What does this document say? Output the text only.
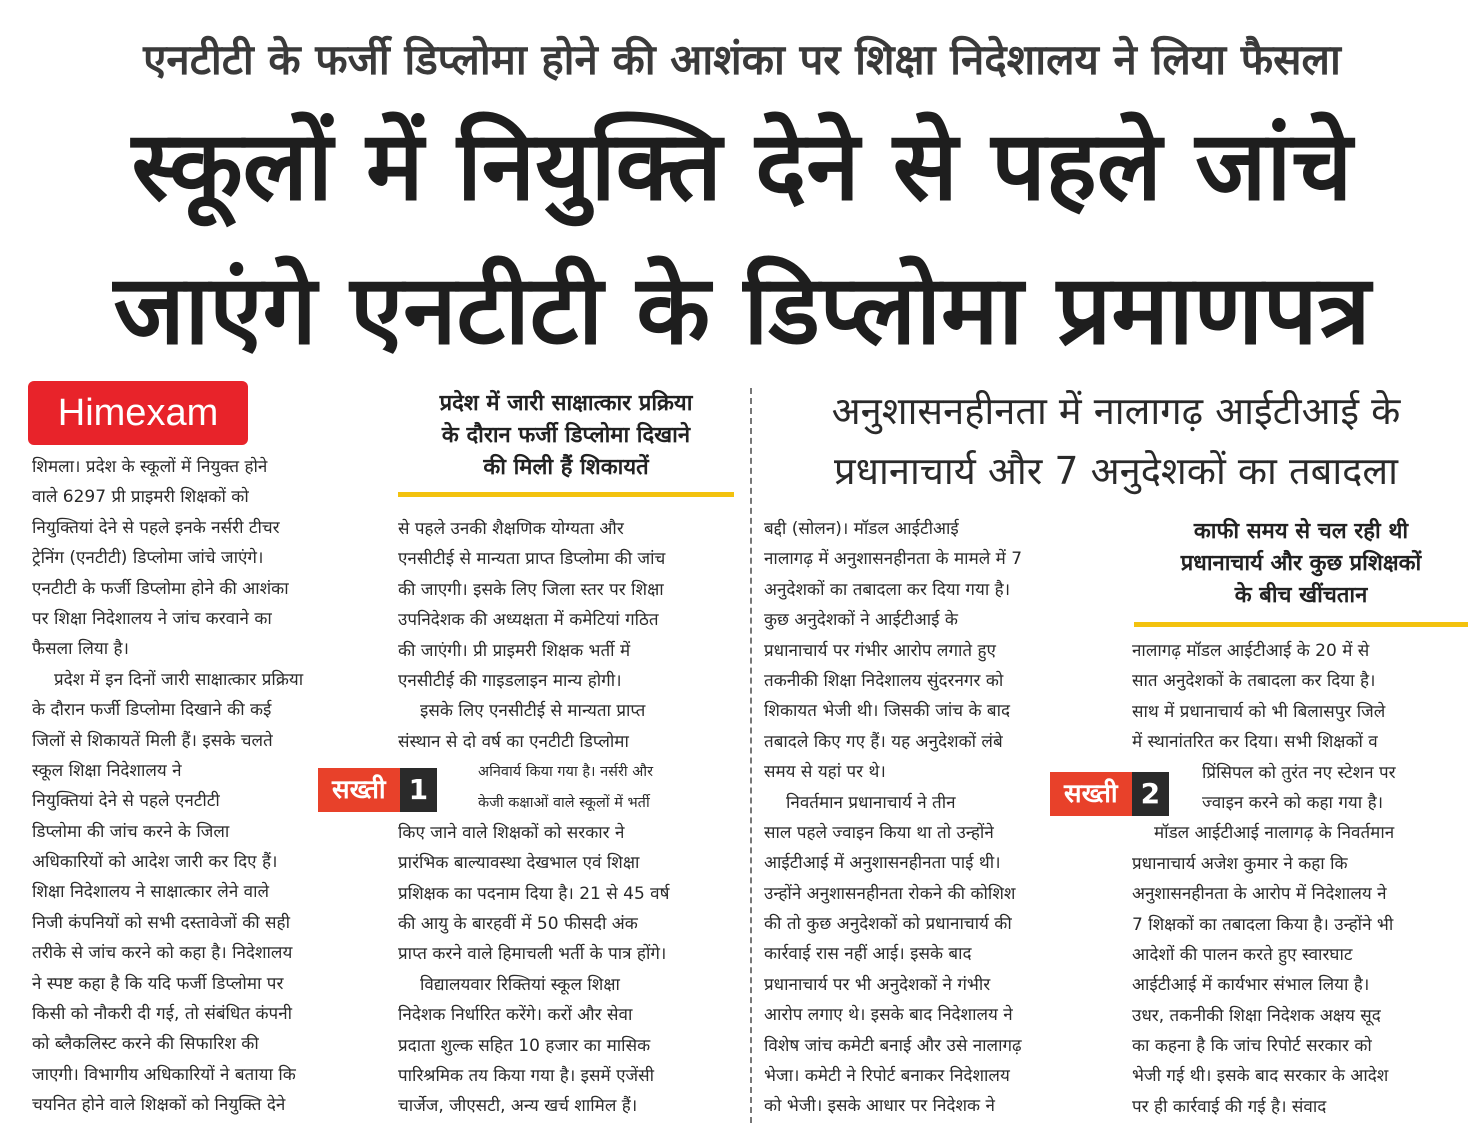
एनटीटी के फर्जी डिप्लोमा होने की आशंका पर शिक्षा निदेशालय ने लिया फैसला
स्कूलों में नियुक्ति देने से पहले जांचे
जाएंगे एनटीटी के डिप्लोमा प्रमाणपत्र
Himexam
शिमला। प्रदेश के स्कूलों में नियुक्त होने
वाले 6297 प्री प्राइमरी शिक्षकों को
नियुक्तियां देने से पहले इनके नर्सरी टीचर
ट्रेनिंग (एनटीटी) डिप्लोमा जांचे जाएंगे।
एनटीटी के फर्जी डिप्लोमा होने की आशंका
पर शिक्षा निदेशालय ने जांच करवाने का
फैसला लिया है।
प्रदेश में इन दिनों जारी साक्षात्कार प्रक्रिया
के दौरान फर्जी डिप्लोमा दिखाने की कई
जिलों से शिकायतें मिली हैं। इसके चलते
स्कूल शिक्षा निदेशालय ने
नियुक्तियां देने से पहले एनटीटी
डिप्लोमा की जांच करने के जिला
अधिकारियों को आदेश जारी कर दिए हैं।
शिक्षा निदेशालय ने साक्षात्कार लेने वाले
निजी कंपनियों को सभी दस्तावेजों की सही
तरीके से जांच करने को कहा है। निदेशालय
ने स्पष्ट कहा है कि यदि फर्जी डिप्लोमा पर
किसी को नौकरी दी गई, तो संबंधित कंपनी
को ब्लैकलिस्ट करने की सिफारिश की
जाएगी। विभागीय अधिकारियों ने बताया कि
चयनित होने वाले शिक्षकों को नियुक्ति देने
प्रदेश में जारी साक्षात्कार प्रक्रिया
के दौरान फर्जी डिप्लोमा दिखाने
की मिली हैं शिकायतें
से पहले उनकी शैक्षणिक योग्यता और
एनसीटीई से मान्यता प्राप्त डिप्लोमा की जांच
की जाएगी। इसके लिए जिला स्तर पर शिक्षा
उपनिदेशक की अध्यक्षता में कमेटियां गठित
की जाएंगी। प्री प्राइमरी शिक्षक भर्ती में
एनसीटीई की गाइडलाइन मान्य होगी।
इसके लिए एनसीटीई से मान्यता प्राप्त
संस्थान से दो वर्ष का एनटीटी डिप्लोमा
अनिवार्य किया गया है। नर्सरी और
केजी कक्षाओं वाले स्कूलों में भर्ती
किए जाने वाले शिक्षकों को सरकार ने
प्रारंभिक बाल्यावस्था देखभाल एवं शिक्षा
प्रशिक्षक का पदनाम दिया है। 21 से 45 वर्ष
की आयु के बारहवीं में 50 फीसदी अंक
प्राप्त करने वाले हिमाचली भर्ती के पात्र होंगे।
विद्यालयवार रिक्तियां स्कूल शिक्षा
निदेशक निर्धारित करेंगे। करों और सेवा
प्रदाता शुल्क सहित 10 हजार का मासिक
पारिश्रमिक तय किया गया है। इसमें एजेंसी
चार्जेज, जीएसटी, अन्य खर्च शामिल हैं।
सख्ती 1
अनुशासनहीनता में नालागढ़ आईटीआई के
प्रधानाचार्य और 7 अनुदेशकों का तबादला
बद्दी (सोलन)। मॉडल आईटीआई
नालागढ़ में अनुशासनहीनता के मामले में 7
अनुदेशकों का तबादला कर दिया गया है।
कुछ अनुदेशकों ने आईटीआई के
प्रधानाचार्य पर गंभीर आरोप लगाते हुए
तकनीकी शिक्षा निदेशालय सुंदरनगर को
शिकायत भेजी थी। जिसकी जांच के बाद
तबादले किए गए हैं। यह अनुदेशकों लंबे
समय से यहां पर थे।
निवर्तमान प्रधानाचार्य ने तीन
साल पहले ज्वाइन किया था तो उन्होंने
आईटीआई में अनुशासनहीनता पाई थी।
उन्होंने अनुशासनहीनता रोकने की कोशिश
की तो कुछ अनुदेशकों को प्रधानाचार्य की
कार्रवाई रास नहीं आई। इसके बाद
प्रधानाचार्य पर भी अनुदेशकों ने गंभीर
आरोप लगाए थे। इसके बाद निदेशालय ने
विशेष जांच कमेटी बनाई और उसे नालागढ़
भेजा। कमेटी ने रिपोर्ट बनाकर निदेशालय
को भेजी। इसके आधार पर निदेशक ने
काफी समय से चल रही थी
प्रधानाचार्य और कुछ प्रशिक्षकों
के बीच खींचतान
नालागढ़ मॉडल आईटीआई के 20 में से
सात अनुदेशकों के तबादला कर दिया है।
साथ में प्रधानाचार्य को भी बिलासपुर जिले
में स्थानांतरित कर दिया। सभी शिक्षकों व
प्रिंसिपल को तुरंत नए स्टेशन पर
ज्वाइन करने को कहा गया है।
मॉडल आईटीआई नालागढ़ के निवर्तमान
प्रधानाचार्य अजेश कुमार ने कहा कि
अनुशासनहीनता के आरोप में निदेशालय ने
7 शिक्षकों का तबादला किया है। उन्होंने भी
आदेशों की पालन करते हुए स्वारघाट
आईटीआई में कार्यभार संभाल लिया है।
उधर, तकनीकी शिक्षा निदेशक अक्षय सूद
का कहना है कि जांच रिपोर्ट सरकार को
भेजी गई थी। इसके बाद सरकार के आदेश
पर ही कार्रवाई की गई है। संवाद
सख्ती 2
